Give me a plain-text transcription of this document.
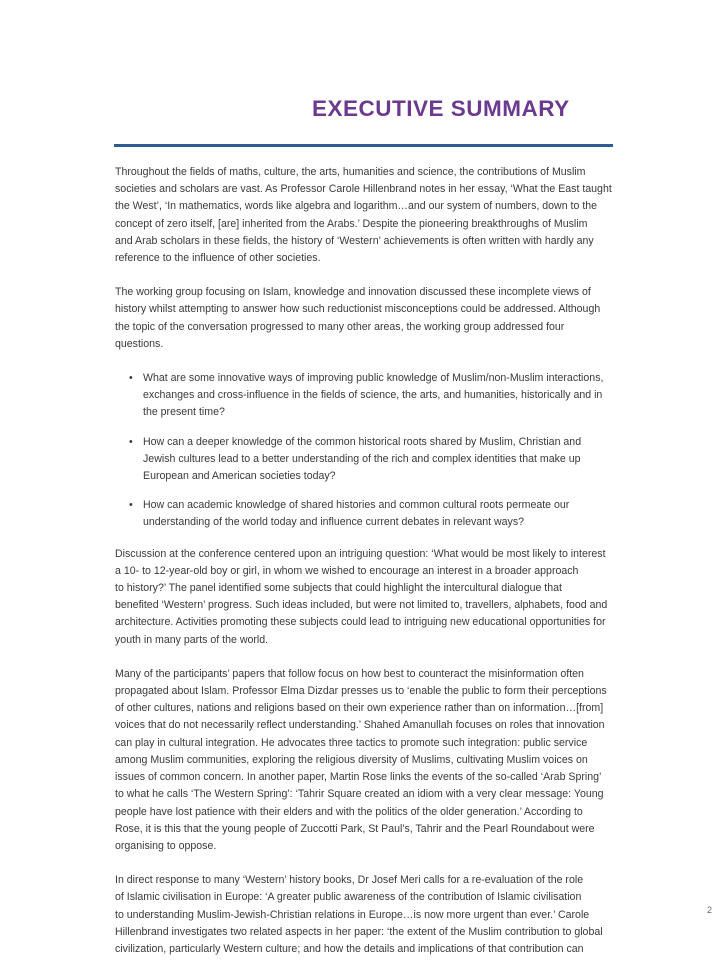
EXECUTIVE SUMMARY

Throughout the fields of maths, culture, the arts, humanities and science, the contributions of Muslim
societies and scholars are vast. As Professor Carole Hillenbrand notes in her essay, ‘What the East taught
the West’, ‘In mathematics, words like algebra and logarithm…and our system of numbers, down to the
concept of zero itself, [are] inherited from the Arabs.’ Despite the pioneering breakthroughs of Muslim
and Arab scholars in these fields, the history of ‘Western’ achievements is often written with hardly any
reference to the influence of other societies.

The working group focusing on Islam, knowledge and innovation discussed these incomplete views of
history whilst attempting to answer how such reductionist misconceptions could be addressed. Although
the topic of the conversation progressed to many other areas, the working group addressed four
questions.

• What are some innovative ways of improving public knowledge of Muslim/non-Muslim interactions,
exchanges and cross-influence in the fields of science, the arts, and humanities, historically and in
the present time?
• How can a deeper knowledge of the common historical roots shared by Muslim, Christian and
Jewish cultures lead to a better understanding of the rich and complex identities that make up
European and American societies today?
• How can academic knowledge of shared histories and common cultural roots permeate our
understanding of the world today and influence current debates in relevant ways?

Discussion at the conference centered upon an intriguing question: ‘What would be most likely to interest
a 10- to 12-year-old boy or girl, in whom we wished to encourage an interest in a broader approach
to history?’ The panel identified some subjects that could highlight the intercultural dialogue that
benefited ‘Western’ progress. Such ideas included, but were not limited to, travellers, alphabets, food and
architecture. Activities promoting these subjects could lead to intriguing new educational opportunities for
youth in many parts of the world.

Many of the participants’ papers that follow focus on how best to counteract the misinformation often
propagated about Islam. Professor Elma Dizdar presses us to ‘enable the public to form their perceptions
of other cultures, nations and religions based on their own experience rather than on information…[from]
voices that do not necessarily reflect understanding.’ Shahed Amanullah focuses on roles that innovation
can play in cultural integration. He advocates three tactics to promote such integration: public service
among Muslim communities, exploring the religious diversity of Muslims, cultivating Muslim voices on
issues of common concern. In another paper, Martin Rose links the events of the so-called ‘Arab Spring’
to what he calls ‘The Western Spring’: ‘Tahrir Square created an idiom with a very clear message: Young
people have lost patience with their elders and with the politics of the older generation.’ According to
Rose, it is this that the young people of Zuccotti Park, St Paul’s, Tahrir and the Pearl Roundabout were
organising to oppose.

In direct response to many ‘Western’ history books, Dr Josef Meri calls for a re-evaluation of the role
of Islamic civilisation in Europe: ‘A greater public awareness of the contribution of Islamic civilisation
to understanding Muslim-Jewish-Christian relations in Europe…is now more urgent than ever.’ Carole
Hillenbrand investigates two related aspects in her paper: ‘the extent of the Muslim contribution to global
civilization, particularly Western culture; and how the details and implications of that contribution can

2
